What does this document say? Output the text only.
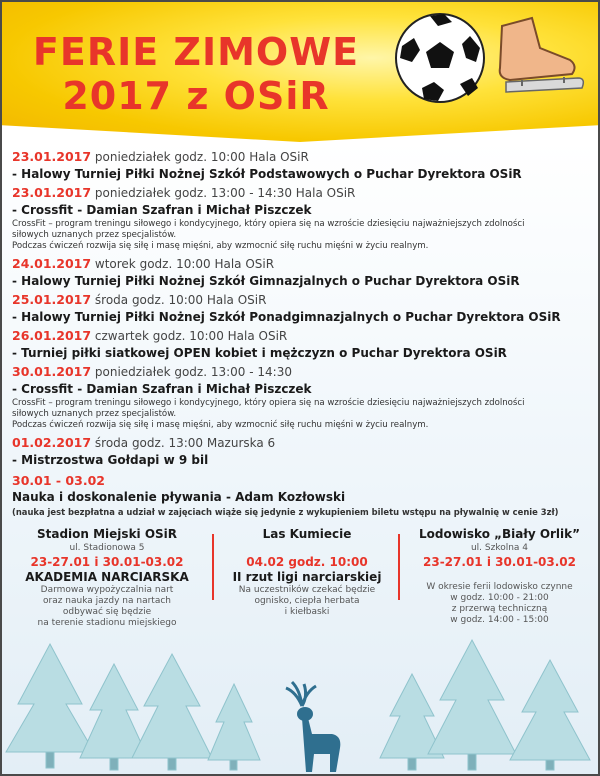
FERIE ZIMOWE
2017 z OSiR
23.01.2017 poniedziałek godz. 10:00 Hala OSiR
- Halowy Turniej Piłki Nożnej Szkół Podstawowych o Puchar Dyrektora OSiR
23.01.2017 poniedziałek godz. 13:00 - 14:30 Hala OSiR
- Crossfit - Damian Szafran i Michał Piszczek
CrossFit – program treningu siłowego i kondycyjnego, który opiera się na wzroście dziesięciu najważniejszych zdolności
siłowych uznanych przez specjalistów.
Podczas ćwiczeń rozwija się siłę i masę mięśni, aby wzmocnić siłę ruchu mięśni w życiu realnym.
24.01.2017 wtorek godz. 10:00 Hala OSiR
- Halowy Turniej Piłki Nożnej Szkół Gimnazjalnych o Puchar Dyrektora OSiR
25.01.2017 środa godz. 10:00 Hala OSiR
- Halowy Turniej Piłki Nożnej Szkół Ponadgimnazjalnych o Puchar Dyrektora OSiR
26.01.2017 czwartek godz. 10:00 Hala OSiR
- Turniej piłki siatkowej OPEN kobiet i mężczyzn o Puchar Dyrektora OSiR
30.01.2017 poniedziałek godz. 13:00 - 14:30
- Crossfit - Damian Szafran i Michał Piszczek
CrossFit – program treningu siłowego i kondycyjnego, który opiera się na wzroście dziesięciu najważniejszych zdolności
siłowych uznanych przez specjalistów.
Podczas ćwiczeń rozwija się siłę i masę mięśni, aby wzmocnić siłę ruchu mięśni w życiu realnym.
01.02.2017 środa godz. 13:00 Mazurska 6
- Mistrzostwa Gołdapi w 9 bil
30.01 - 03.02
Nauka i doskonalenie pływania - Adam Kozłowski
(nauka jest bezpłatna a udział w zajęciach wiąże się jedynie z wykupieniem biletu wstępu na pływalnię w cenie 3zł)
Stadion Miejski OSiR
ul. Stadionowa 5
23-27.01 i 30.01-03.02
AKADEMIA NARCIARSKA
Darmowa wypożyczalnia nart
oraz nauka jazdy na nartach
odbywać się będzie
na terenie stadionu miejskiego
Las Kumiecie
04.02 godz. 10:00
II rzut ligi narciarskiej
Na uczestników czekać będzie
ognisko, ciepła herbata
i kiełbaski
Lodowisko „Biały Orlik”
ul. Szkolna 4
23-27.01 i 30.01-03.02
W okresie ferii lodowisko czynne
w godz. 10:00 - 21:00
z przerwą techniczną
w godz. 14:00 - 15:00
